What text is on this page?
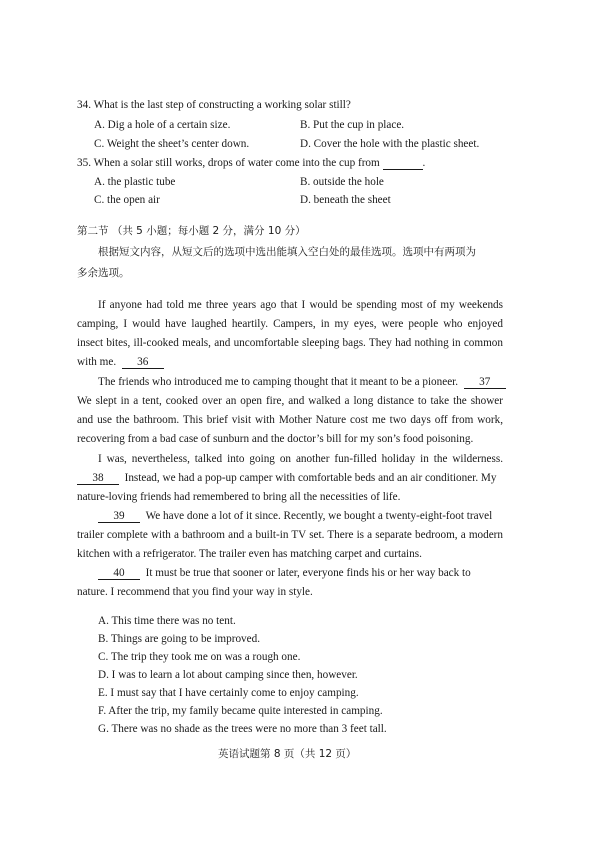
34. What is the last step of constructing a working solar still?
A. Dig a hole of a certain size.	B. Put the cup in place.
C. Weight the sheet’s center down.	D. Cover the hole with the plastic sheet.
35. When a solar still works, drops of water come into the cup from	.
A. the plastic tube	B. outside the hole
C. the open air	D. beneath the sheet
第二节 （共 5 小题；每小题 2 分，满分 10 分）
根据短文内容，从短文后的选项中选出能填入空白处的最佳选项。选项中有两项为
多余选项。
If anyone had told me three years ago that I would be spending most of my weekends
camping, I would have laughed heartily. Campers, in my eyes, were people who enjoyed
insect bites, ill-cooked meals, and uncomfortable sleeping bags. They had nothing in common
with me. 36
The friends who introduced me to camping thought that it meant to be a pioneer. 37
We slept in a tent, cooked over an open fire, and walked a long distance to take the shower
and use the bathroom. This brief visit with Mother Nature cost me two days off from work,
recovering from a bad case of sunburn and the doctor’s bill for my son’s food poisoning.
I was, nevertheless, talked into going on another fun-filled holiday in the wilderness.
38 Instead, we had a pop-up camper with comfortable beds and an air conditioner. My
nature-loving friends had remembered to bring all the necessities of life.
39 We have done a lot of it since. Recently, we bought a twenty-eight-foot travel
trailer complete with a bathroom and a built-in TV set. There is a separate bedroom, a modern
kitchen with a refrigerator. The trailer even has matching carpet and curtains.
40 It must be true that sooner or later, everyone finds his or her way back to
nature. I recommend that you find your way in style.
A. This time there was no tent.
B. Things are going to be improved.
C. The trip they took me on was a rough one.
D. I was to learn a lot about camping since then, however.
E. I must say that I have certainly come to enjoy camping.
F. After the trip, my family became quite interested in camping.
G. There was no shade as the trees were no more than 3 feet tall.
英语试题第 8 页（共 12 页）
